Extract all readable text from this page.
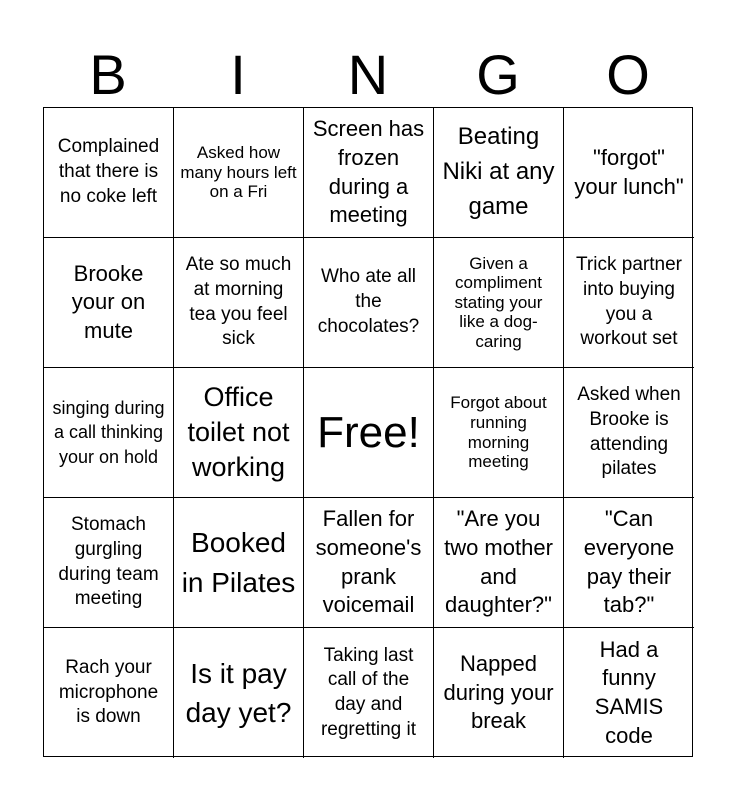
B	I	N	G	O
Complained that there is no coke left
Asked how many hours left on a Fri
Screen has frozen during a meeting
Beating Niki at any game
"forgot" your lunch"
Brooke your on mute
Ate so much at morning tea you feel sick
Who ate all the chocolates?
Given a compliment stating your like a dog-caring
Trick partner into buying you a workout set
singing during a call thinking your on hold
Office toilet not working
Free!
Forgot about running morning meeting
Asked when Brooke is attending pilates
Stomach gurgling during team meeting
Booked in Pilates
Fallen for someone's prank voicemail
"Are you two mother and daughter?"
"Can everyone pay their tab?"
Rach your microphone is down
Is it pay day yet?
Taking last call of the day and regretting it
Napped during your break
Had a funny SAMIS code
